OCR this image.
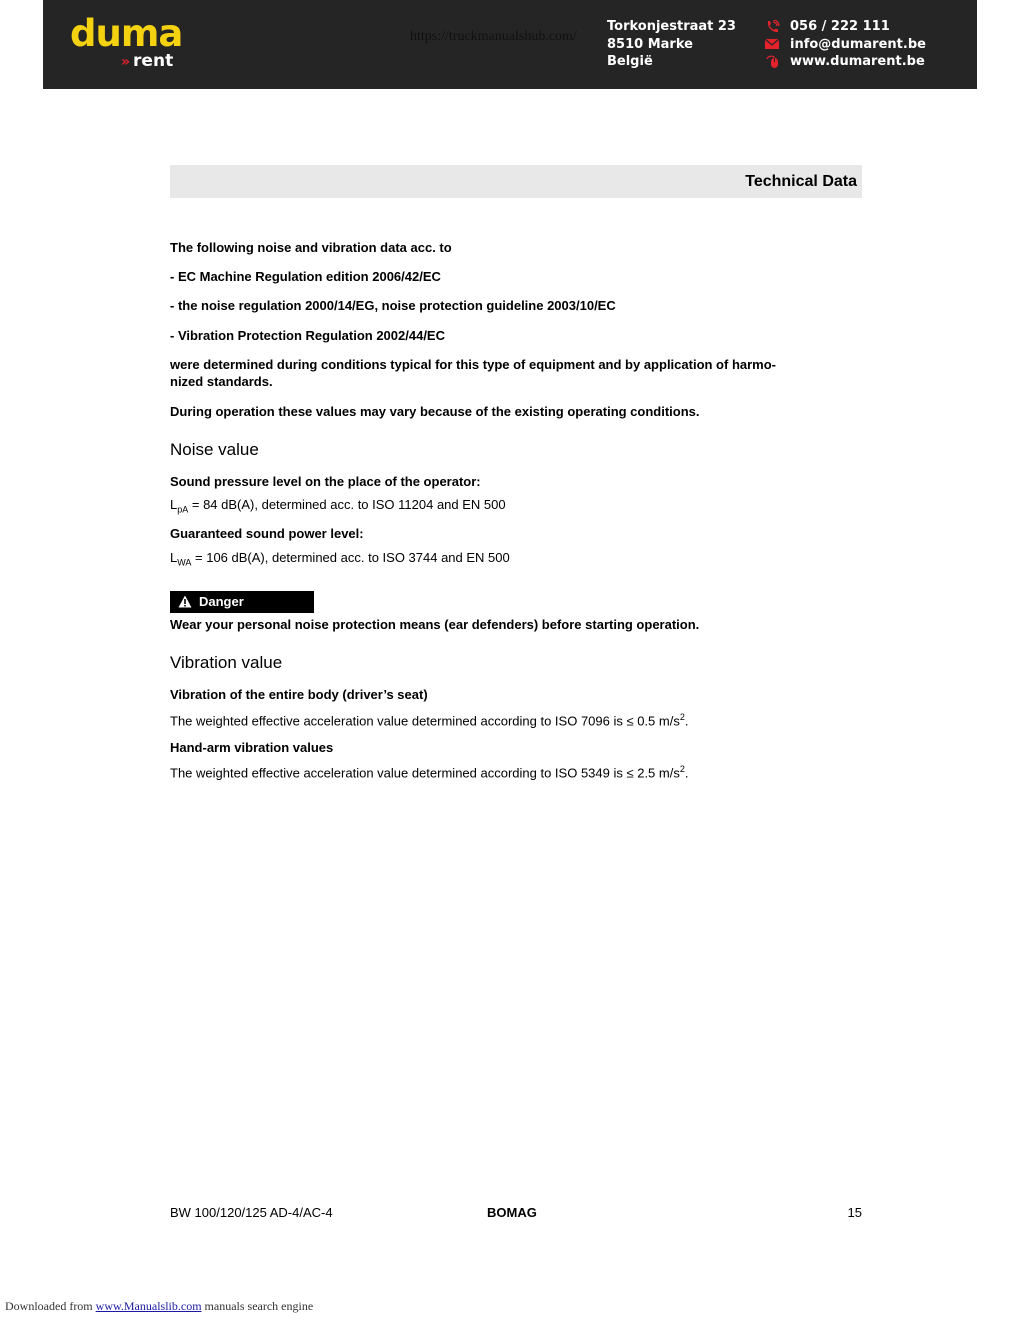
duma
» rent
Torkonjestraat 23
8510 Marke
België
056 / 222 111
info@dumarent.be
www.dumarent.be
https://truckmanualshub.com/
Technical Data
The following noise and vibration data acc. to
- EC Machine Regulation edition 2006/42/EC
- the noise regulation 2000/14/EG, noise protection guideline 2003/10/EC
- Vibration Protection Regulation 2002/44/EC
were determined during conditions typical for this type of equipment and by application of harmo-
nized standards.
During operation these values may vary because of the existing operating conditions.
Noise value
Sound pressure level on the place of the operator:
$L_{pA} = 84$ dB(A), determined acc. to ISO 11204 and EN 500
Guaranteed sound power level:
$L_{WA} = 106$ dB(A), determined acc. to ISO 3744 and EN 500
Danger
Wear your personal noise protection means (ear defenders) before starting operation.
Vibration value
Vibration of the entire body (driver’s seat)
The weighted effective acceleration value determined according to ISO 7096 is ≤ 0.5 $m/s^2$.
Hand-arm vibration values
The weighted effective acceleration value determined according to ISO 5349 is ≤ 2.5 $m/s^2$.
BW 100/120/125 AD-4/AC-4	BOMAG	15
Downloaded from www.Manualslib.com manuals search engine
